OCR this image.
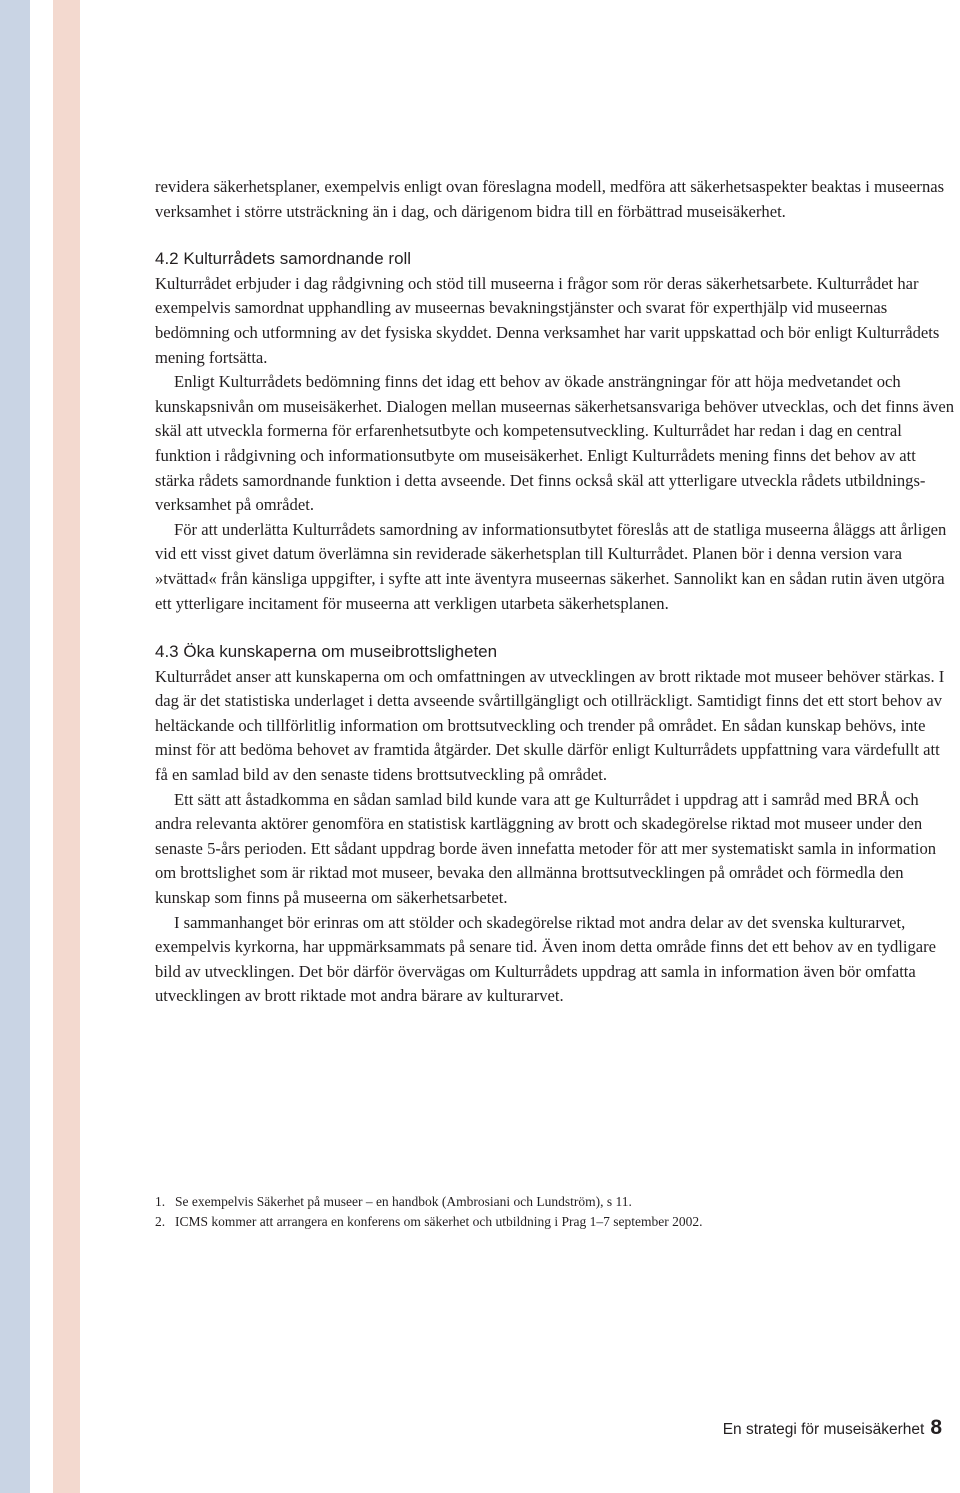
revidera säkerhetsplaner, exempelvis enligt ovan föreslagna modell, medföra att säkerhetsaspekter beaktas i museernas verksamhet i större utsträckning än i dag, och därigenom bidra till en förbättrad museisäkerhet.

4.2 Kulturrådets samordnande roll

Kulturrådet erbjuder i dag rådgivning och stöd till museerna i frågor som rör deras säkerhetsarbete. Kulturrådet har exempelvis samordnat upphandling av museernas bevakningstjänster och svarat för experthjälp vid museernas bedömning och utformning av det fysiska skyddet. Denna verksamhet har varit uppskattad och bör enligt Kulturrådets mening fortsätta.

Enligt Kulturrådets bedömning finns det idag ett behov av ökade ansträngningar för att höja medvetandet och kunskapsnivån om museisäkerhet. Dialogen mellan museernas säkerhetsansvariga behöver utvecklas, och det finns även skäl att utveckla formerna för erfarenhetsutbyte och kompetensutveckling. Kulturrådet har redan i dag en central funktion i rådgivning och informationsutbyte om museisäkerhet. Enligt Kulturrådets mening finns det behov av att stärka rådets samordnande funktion i detta avseende. Det finns också skäl att ytterligare utveckla rådets utbildningsverksamhet på området.

För att underlätta Kulturrådets samordning av informationsutbytet föreslås att de statliga museerna åläggs att årligen vid ett visst givet datum överlämna sin reviderade säkerhetsplan till Kulturrådet. Planen bör i denna version vara »tvättad« från känsliga uppgifter, i syfte att inte äventyra museernas säkerhet. Sannolikt kan en sådan rutin även utgöra ett ytterligare incitament för museerna att verkligen utarbeta säkerhetsplanen.

4.3 Öka kunskaperna om museibrottsligheten

Kulturrådet anser att kunskaperna om och omfattningen av utvecklingen av brott riktade mot museer behöver stärkas. I dag är det statistiska underlaget i detta avseende svårtillgängligt och otillräckligt. Samtidigt finns det ett stort behov av heltäckande och tillförlitlig information om brottsutveckling och trender på området. En sådan kunskap behövs, inte minst för att bedöma behovet av framtida åtgärder. Det skulle därför enligt Kulturrådets uppfattning vara värdefullt att få en samlad bild av den senaste tidens brottsutveckling på området.

Ett sätt att åstadkomma en sådan samlad bild kunde vara att ge Kulturrådet i uppdrag att i samråd med BRÅ och andra relevanta aktörer genomföra en statistisk kartläggning av brott och skadegörelse riktad mot museer under den senaste 5-års perioden. Ett sådant uppdrag borde även innefatta metoder för att mer systematiskt samla in information om brottslighet som är riktad mot museer, bevaka den allmänna brottsutvecklingen på området och förmedla den kunskap som finns på museerna om säkerhetsarbetet.

I sammanhanget bör erinras om att stölder och skadegörelse riktad mot andra delar av det svenska kulturarvet, exempelvis kyrkorna, har uppmärksammats på senare tid. Även inom detta område finns det ett behov av en tydligare bild av utvecklingen. Det bör därför övervägas om Kulturrådets uppdrag att samla in information även bör omfatta utvecklingen av brott riktade mot andra bärare av kulturarvet.

1. Se exempelvis Säkerhet på museer – en handbok (Ambrosiani och Lundström), s 11.
2. ICMS kommer att arrangera en konferens om säkerhet och utbildning i Prag 1–7 september 2002.
En strategi för museisäkerhet 8
